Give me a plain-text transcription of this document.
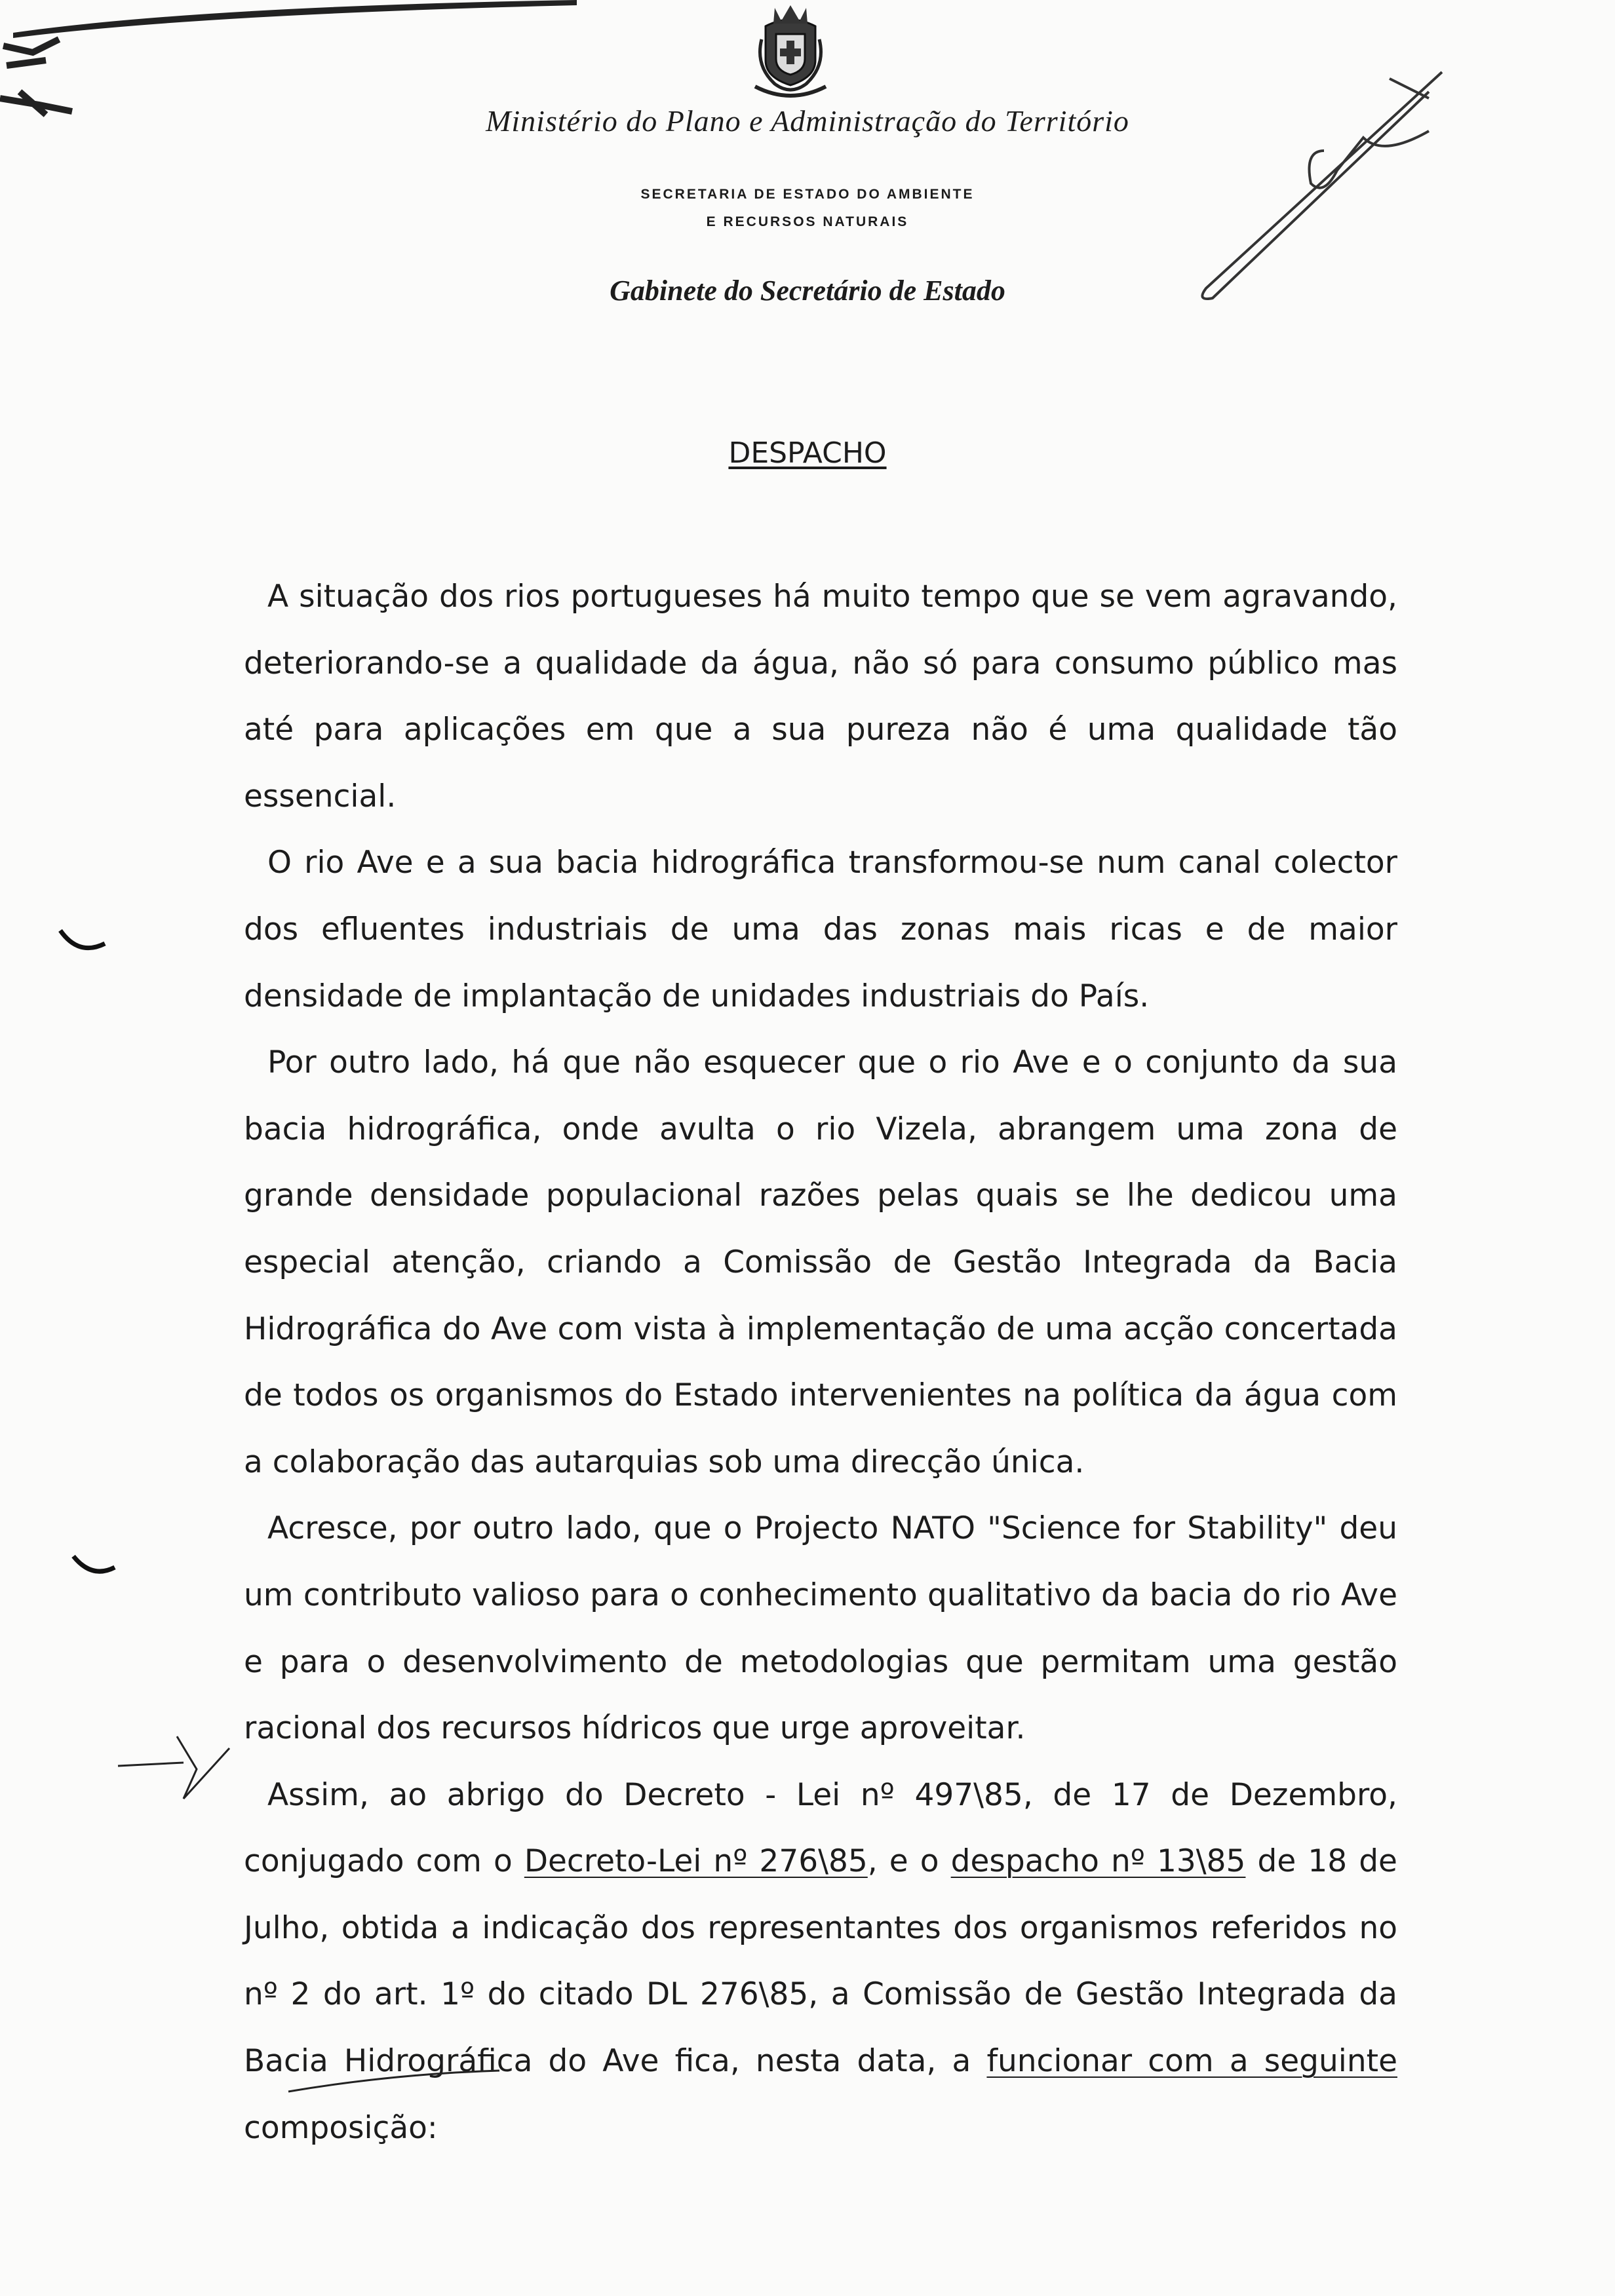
Ministério do Plano e Administração do Território
SECRETARIA DE ESTADO DO AMBIENTE
E RECURSOS NATURAIS
Gabinete do Secretário de Estado
DESPACHO

A situação dos rios portugueses há muito tempo que se vem agravando, deteriorando-se a qualidade da água, não só para consumo público mas até para aplicações em que a sua pureza não é uma qualidade tão essencial.

O rio Ave e a sua bacia hidrográfica transformou-se num canal colector dos efluentes industriais de uma das zonas mais ricas e de maior densidade de implantação de unidades industriais do País.

Por outro lado, há que não esquecer que o rio Ave e o conjunto da sua bacia hidrográfica, onde avulta o rio Vizela, abrangem uma zona de grande densidade populacional razões pelas quais se lhe dedicou uma especial atenção, criando a Comissão de Gestão Integrada da Bacia Hidrográfica do Ave com vista à implementação de uma acção concertada de todos os organismos do Estado intervenientes na política da água com a colaboração das autarquias sob uma direcção única.

Acresce, por outro lado, que o Projecto NATO "Science for Stability" deu um contributo valioso para o conhecimento qualitativo da bacia do rio Ave e para o desenvolvimento de metodologias que permitam uma gestão racional dos recursos hídricos que urge aproveitar.

Assim, ao abrigo do Decreto - Lei nº 497\85, de 17 de Dezembro, conjugado com o Decreto-Lei nº 276\85, e o despacho nº 13\85 de 18 de Julho, obtida a indicação dos representantes dos organismos referidos no nº 2 do art. 1º do citado DL 276\85, a Comissão de Gestão Integrada da Bacia Hidrográfica do Ave fica, nesta data, a funcionar com a seguinte composição:
